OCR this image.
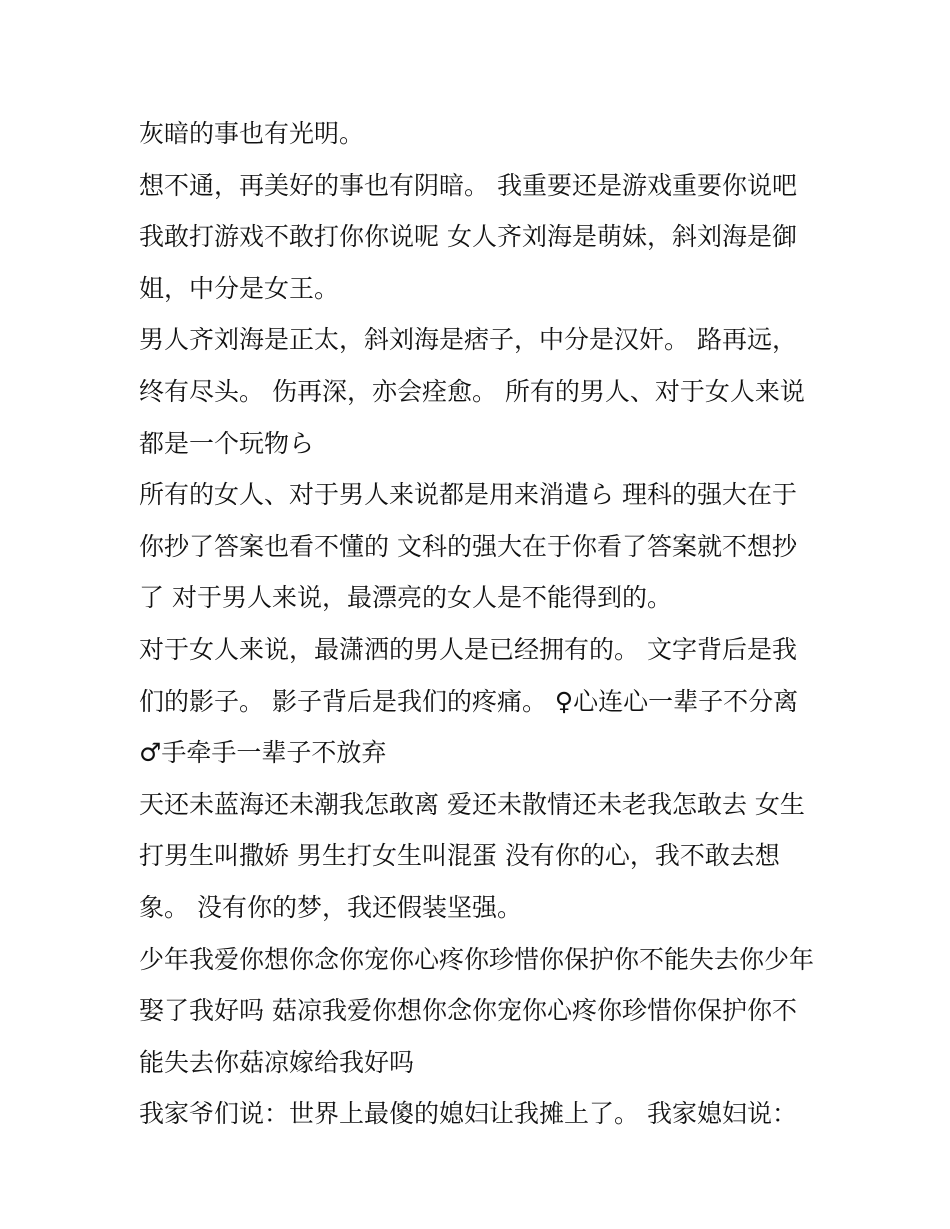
灰暗的事也有光明。
想不通，再美好的事也有阴暗。 我重要还是游戏重要你说吧
我敢打游戏不敢打你你说呢 女人齐刘海是萌妹，斜刘海是御
姐，中分是女王。
男人齐刘海是正太，斜刘海是痞子，中分是汉奸。 路再远，
终有尽头。 伤再深，亦会痊愈。 所有的男人、对于女人来说
都是一个玩物ら
所有的女人、对于男人来说都是用来消遣ら 理科的强大在于
你抄了答案也看不懂的 文科的强大在于你看了答案就不想抄
了 对于男人来说，最漂亮的女人是不能得到的。
对于女人来说，最潇洒的男人是已经拥有的。 文字背后是我
们的影子。 影子背后是我们的疼痛。 ♀心连心一辈子不分离
♂手牵手一辈子不放弃
天还未蓝海还未潮我怎敢离 爱还未散情还未老我怎敢去 女生
打男生叫撒娇 男生打女生叫混蛋 没有你的心，我不敢去想
象。 没有你的梦，我还假装坚强。
少年我爱你想你念你宠你心疼你珍惜你保护你不能失去你少年
娶了我好吗 菇凉我爱你想你念你宠你心疼你珍惜你保护你不
能失去你菇凉嫁给我好吗
我家爷们说：世界上最傻的媳妇让我摊上了。 我家媳妇说：
